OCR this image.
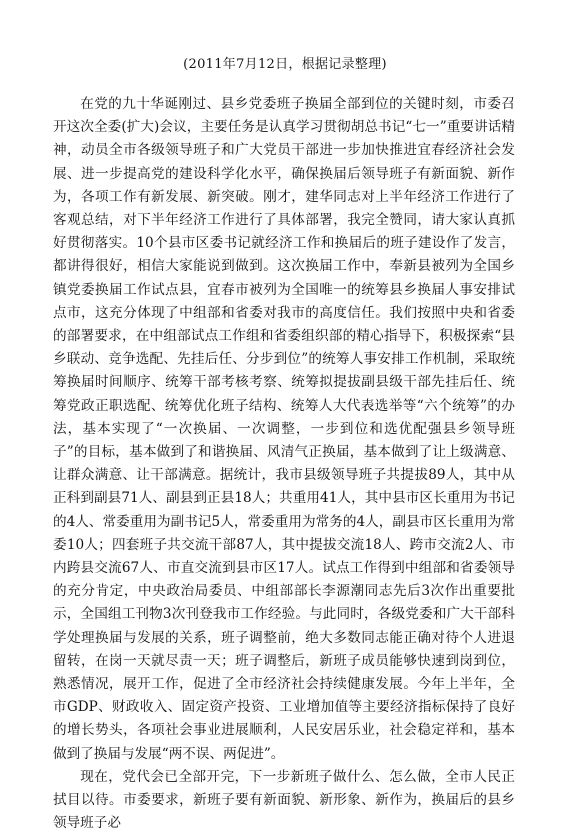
(2011年7月12日，根据记录整理)

在党的九十华诞刚过、县乡党委班子换届全部到位的关键时刻，市委召开这次全委(扩大)会议，主要任务是认真学习贯彻胡总书记“七一”重要讲话精神，动员全市各级领导班子和广大党员干部进一步加快推进宜春经济社会发展、进一步提高党的建设科学化水平，确保换届后领导班子有新面貌、新作为，各项工作有新发展、新突破。刚才，建华同志对上半年经济工作进行了客观总结，对下半年经济工作进行了具体部署，我完全赞同，请大家认真抓好贯彻落实。10个县市区委书记就经济工作和换届后的班子建设作了发言，都讲得很好，相信大家能说到做到。这次换届工作中，奉新县被列为全国乡镇党委换届工作试点县，宜春市被列为全国唯一的统筹县乡换届人事安排试点市，这充分体现了中组部和省委对我市的高度信任。我们按照中央和省委的部署要求，在中组部试点工作组和省委组织部的精心指导下，积极探索“县乡联动、竞争选配、先挂后任、分步到位”的统筹人事安排工作机制，采取统筹换届时间顺序、统筹干部考核考察、统筹拟提拔副县级干部先挂后任、统筹党政正职选配、统筹优化班子结构、统筹人大代表选举等“六个统筹”的办法，基本实现了“一次换届、一次调整，一步到位和选优配强县乡领导班子”的目标，基本做到了和谐换届、风清气正换届，基本做到了让上级满意、让群众满意、让干部满意。据统计，我市县级领导班子共提拔89人，其中从正科到副县71人、副县到正县18人；共重用41人，其中县市区长重用为书记的4人、常委重用为副书记5人，常委重用为常务的4人，副县市区长重用为常委10人；四套班子共交流干部87人，其中提拔交流18人、跨市交流2人、市内跨县交流67人、市直交流到县市区17人。试点工作得到中组部和省委领导的充分肯定，中央政治局委员、中组部部长李源潮同志先后3次作出重要批示，全国组工刊物3次刊登我市工作经验。与此同时，各级党委和广大干部科学处理换届与发展的关系，班子调整前，绝大多数同志能正确对待个人进退留转，在岗一天就尽责一天；班子调整后，新班子成员能够快速到岗到位，熟悉情况，展开工作，促进了全市经济社会持续健康发展。今年上半年，全市GDP、财政收入、固定资产投资、工业增加值等主要经济指标保持了良好的增长势头，各项社会事业进展顺利，人民安居乐业，社会稳定祥和，基本做到了换届与发展“两不误、两促进”。

现在，党代会已全部开完，下一步新班子做什么、怎么做，全市人民正拭目以待。市委要求，新班子要有新面貌、新形象、新作为，换届后的县乡领导班子必
